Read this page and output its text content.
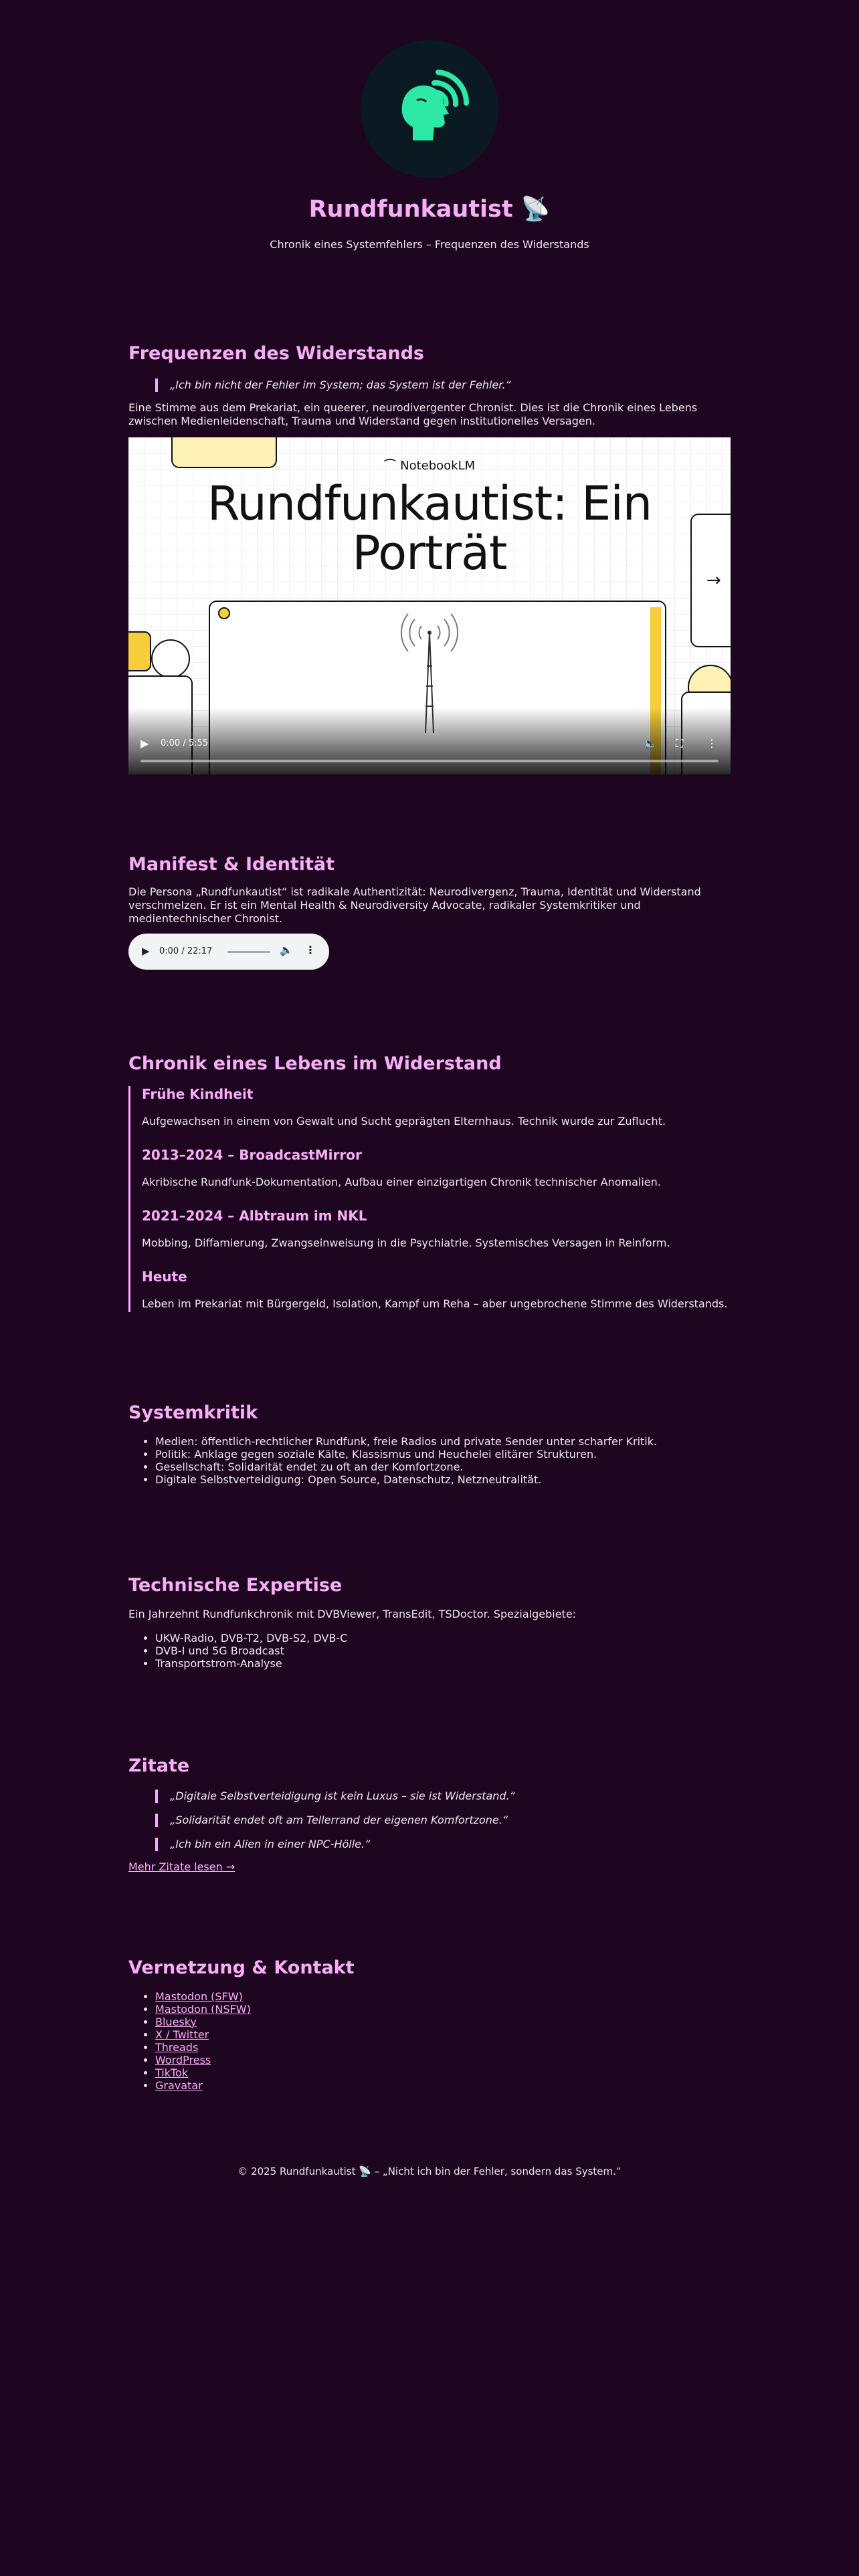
Rundfunkautist 📡
Chronik eines Systemfehlers – Frequenzen des Widerstands
Frequenzen des Widerstands
„Ich bin nicht der Fehler im System; das System ist der Fehler.“

Eine Stimme aus dem Prekariat, ein queerer, neurodivergenter Chronist. Dies ist die Chronik eines Lebens zwischen Medienleidenschaft, Trauma und Widerstand gegen institutionelles Versagen.

→
⌒ NotebookLM
Rundfunkautist: Ein
Porträt
▶ 0:00 / 5:55	🔈 ⛶ ⋮
Manifest & Identität

Die Persona „Rundfunkautist“ ist radikale Authentizität: Neurodivergenz, Trauma, Identität und Widerstand verschmelzen. Er ist ein Mental Health & Neurodiversity Advocate, radikaler Systemkritiker und medientechnischer Chronist.

▶ 0:00 / 22:17	🔈 ⋮
Chronik eines Lebens im Widerstand
Frühe Kindheit

Aufgewachsen in einem von Gewalt und Sucht geprägten Elternhaus. Technik wurde zur Zuflucht.

2013–2024 – BroadcastMirror

Akribische Rundfunk-Dokumentation, Aufbau einer einzigartigen Chronik technischer Anomalien.

2021–2024 – Albtraum im NKL

Mobbing, Diffamierung, Zwangseinweisung in die Psychiatrie. Systemisches Versagen in Reinform.

Heute

Leben im Prekariat mit Bürgergeld, Isolation, Kampf um Reha – aber ungebrochene Stimme des Widerstands.

Systemkritik
• Medien: öffentlich-rechtlicher Rundfunk, freie Radios und private Sender unter scharfer Kritik.
• Politik: Anklage gegen soziale Kälte, Klassismus und Heuchelei elitärer Strukturen.
• Gesellschaft: Solidarität endet zu oft an der Komfortzone.
• Digitale Selbstverteidigung: Open Source, Datenschutz, Netzneutralität.
Technische Expertise

Ein Jahrzehnt Rundfunkchronik mit DVBViewer, TransEdit, TSDoctor. Spezialgebiete:

• UKW-Radio, DVB-T2, DVB-S2, DVB-C
• DVB-I und 5G Broadcast
• Transportstrom-Analyse
Zitate
„Digitale Selbstverteidigung ist kein Luxus – sie ist Widerstand.“
„Solidarität endet oft am Tellerrand der eigenen Komfortzone.“
„Ich bin ein Alien in einer NPC-Hölle.“
Mehr Zitate lesen →
Vernetzung & Kontakt
• Mastodon (SFW)
• Mastodon (NSFW)
• Bluesky
• X / Twitter
• Threads
• WordPress
• TikTok
• Gravatar
© 2025 Rundfunkautist 📡 – „Nicht ich bin der Fehler, sondern das System.“
